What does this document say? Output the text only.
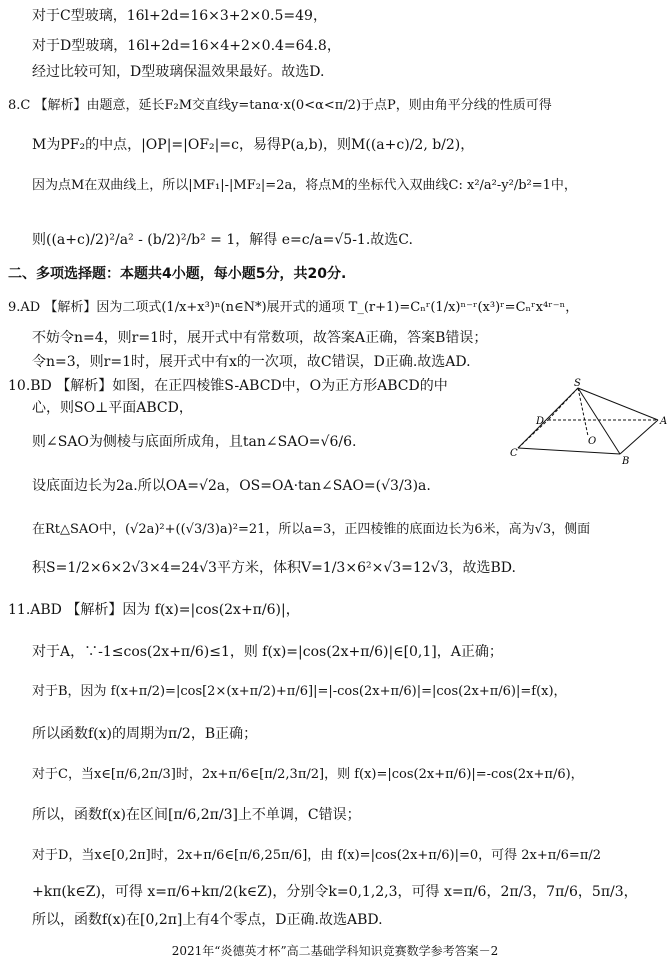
对于C型玻璃，16l+2d=16×3+2×0.5=49，
对于D型玻璃，16l+2d=16×4+2×0.4=64.8，
经过比较可知，D型玻璃保温效果最好。故选D.
8.C 【解析】由题意，延长F₂M交直线y=tanα·x(0<α<π/2)于点P，则由角平分线的性质可得
M为PF₂的中点，|OP|=|OF₂|=c，易得P(a,b)，则M((a+c)/2, b/2)，
因为点M在双曲线上，所以|MF₁|-|MF₂|=2a，将点M的坐标代入双曲线C: x²/a²-y²/b²=1中，
则((a+c)/2)²/a² - (b/2)²/b² = 1，解得 e=c/a=√5-1.故选C.
二、多项选择题：本题共4小题，每小题5分，共20分.
9.AD 【解析】因为二项式(1/x+x³)ⁿ(n∈N*)展开式的通项 T_(r+1)=Cₙʳ(1/x)ⁿ⁻ʳ(x³)ʳ=Cₙʳx⁴ʳ⁻ⁿ，
不妨令n=4，则r=1时，展开式中有常数项，故答案A正确，答案B错误；
令n=3，则r=1时，展开式中有x的一次项，故C错误，D正确.故选AD.
10.BD 【解析】如图，在正四棱锥S-ABCD中，O为正方形ABCD的中
心，则SO⊥平面ABCD，
则∠SAO为侧棱与底面所成角，且tan∠SAO=√6/6.
设底面边长为2a.所以OA=√2a，OS=OA·tan∠SAO=(√3/3)a.
在Rt△SAO中，(√2a)²+((√3/3)a)²=21，所以a=3，正四棱锥的底面边长为6米，高为√3，侧面
积S=1/2×6×2√3×4=24√3平方米，体积V=1/3×6²×√3=12√3，故选BD.
11.ABD 【解析】因为 f(x)=|cos(2x+π/6)|，
对于A，∵-1≤cos(2x+π/6)≤1，则 f(x)=|cos(2x+π/6)|∈[0,1]，A正确；
对于B，因为 f(x+π/2)=|cos[2×(x+π/2)+π/6]|=|-cos(2x+π/6)|=|cos(2x+π/6)|=f(x)，
所以函数f(x)的周期为π/2，B正确；
对于C，当x∈[π/6,2π/3]时，2x+π/6∈[π/2,3π/2]，则 f(x)=|cos(2x+π/6)|=-cos(2x+π/6)，
所以，函数f(x)在区间[π/6,2π/3]上不单调，C错误；
对于D，当x∈[0,2π]时，2x+π/6∈[π/6,25π/6]，由 f(x)=|cos(2x+π/6)|=0，可得 2x+π/6=π/2
+kπ(k∈Z)，可得 x=π/6+kπ/2(k∈Z)，分别令k=0,1,2,3，可得 x=π/6，2π/3，7π/6，5π/3，
所以，函数f(x)在[0,2π]上有4个零点，D正确.故选ABD.
S
D	A
C
B
O
2021年“炎德英才杯”高二基础学科知识竞赛数学参考答案－2
